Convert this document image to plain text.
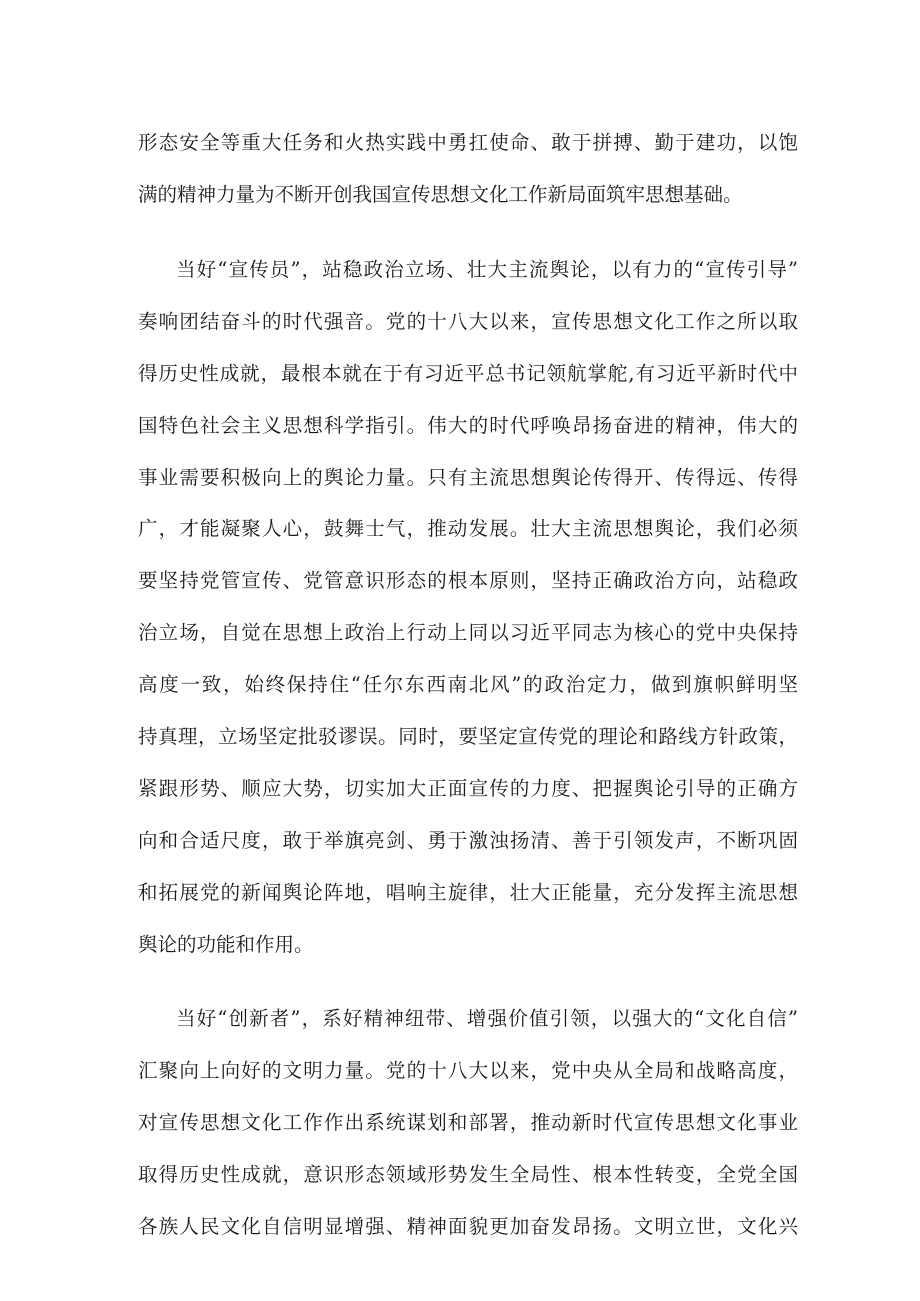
形态安全等重大任务和火热实践中勇扛使命、敢于拼搏、勤于建功，以饱
满的精神力量为不断开创我国宣传思想文化工作新局面筑牢思想基础。
当好“宣传员”，站稳政治立场、壮大主流舆论，以有力的“宣传引导”
奏响团结奋斗的时代强音。党的十八大以来，宣传思想文化工作之所以取
得历史性成就，最根本就在于有习近平总书记领航掌舵,有习近平新时代中
国特色社会主义思想科学指引。伟大的时代呼唤昂扬奋进的精神，伟大的
事业需要积极向上的舆论力量。只有主流思想舆论传得开、传得远、传得
广，才能凝聚人心，鼓舞士气，推动发展。壮大主流思想舆论，我们必须
要坚持党管宣传、党管意识形态的根本原则，坚持正确政治方向，站稳政
治立场，自觉在思想上政治上行动上同以习近平同志为核心的党中央保持
高度一致，始终保持住“任尔东西南北风”的政治定力，做到旗帜鲜明坚
持真理，立场坚定批驳谬误。同时，要坚定宣传党的理论和路线方针政策，
紧跟形势、顺应大势，切实加大正面宣传的力度、把握舆论引导的正确方
向和合适尺度，敢于举旗亮剑、勇于激浊扬清、善于引领发声，不断巩固
和拓展党的新闻舆论阵地，唱响主旋律，壮大正能量，充分发挥主流思想
舆论的功能和作用。
当好“创新者”，系好精神纽带、增强价值引领，以强大的“文化自信”
汇聚向上向好的文明力量。党的十八大以来，党中央从全局和战略高度，
对宣传思想文化工作作出系统谋划和部署，推动新时代宣传思想文化事业
取得历史性成就，意识形态领域形势发生全局性、根本性转变，全党全国
各族人民文化自信明显增强、精神面貌更加奋发昂扬。文明立世，文化兴
